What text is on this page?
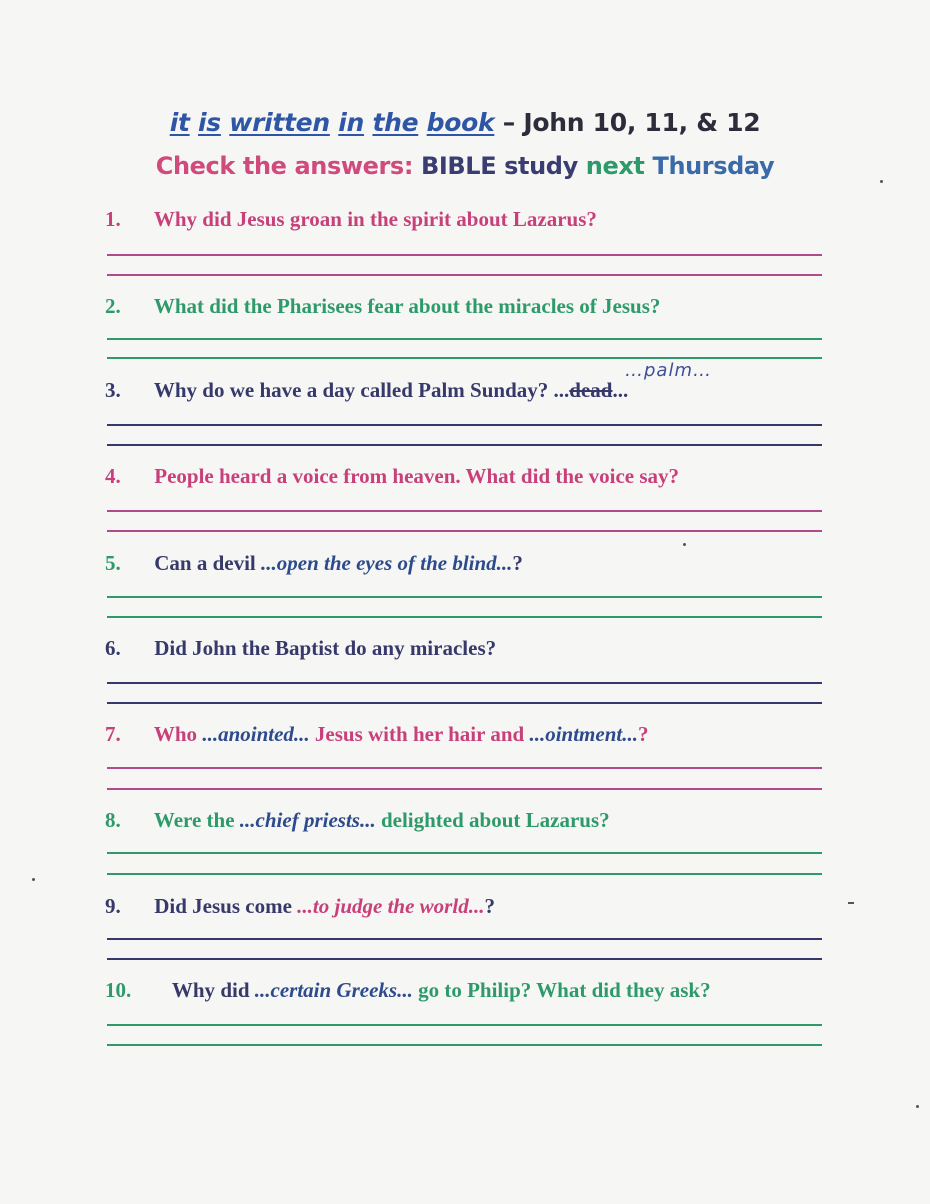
it is written in the book – John 10, 11, & 12
Check the answers: BIBLE study next Thursday
1. Why did Jesus groan in the spirit about Lazarus?
2. What did the Pharisees fear about the miracles of Jesus?
3. Why do we have a day called Palm Sunday? ...dead...
…palm…
4. People heard a voice from heaven. What did the voice say?
5. Can a devil ...open the eyes of the blind...?
6. Did John the Baptist do any miracles?
7. Who ...anointed... Jesus with her hair and ...ointment...?
8. Were the ...chief priests... delighted about Lazarus?
9. Did Jesus come ...to judge the world...?
10. Why did ...certain Greeks... go to Philip? What did they ask?
